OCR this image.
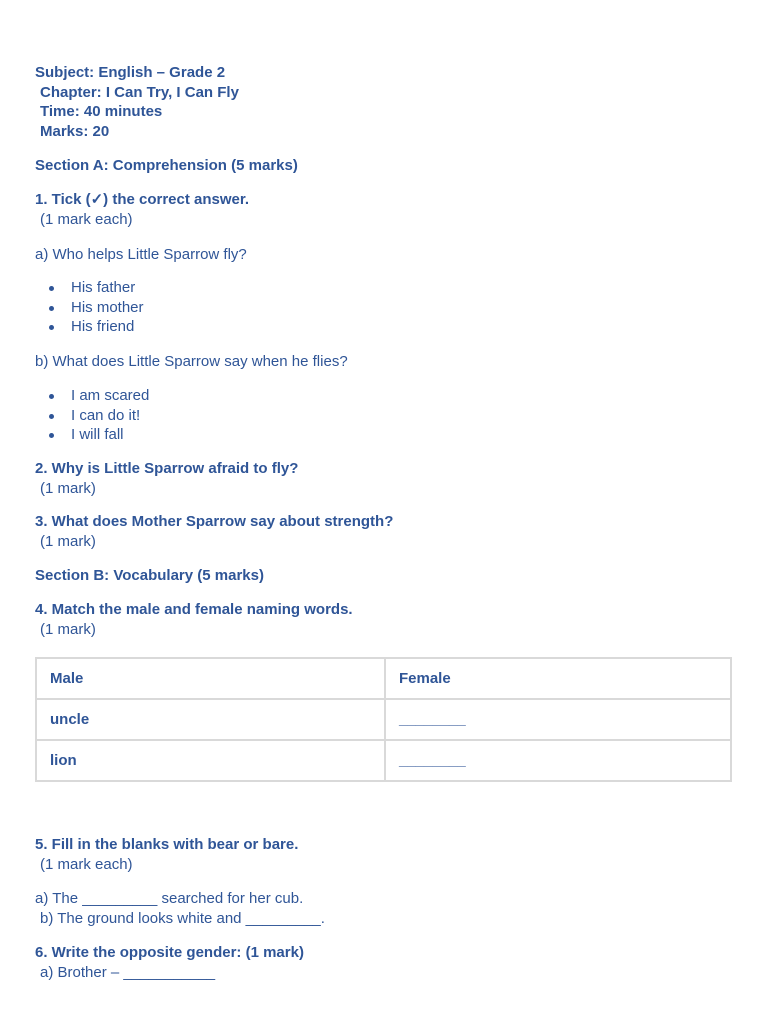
Subject: English – Grade 2
Chapter: I Can Try, I Can Fly
Time: 40 minutes
Marks: 20
Section A: Comprehension (5 marks)
1. Tick (✓) the correct answer.
(1 mark each)
a) Who helps Little Sparrow fly?
His father
His mother
His friend
b) What does Little Sparrow say when he flies?
I am scared
I can do it!
I will fall
2. Why is Little Sparrow afraid to fly?
(1 mark)
3. What does Mother Sparrow say about strength?
(1 mark)
Section B: Vocabulary (5 marks)
4. Match the male and female naming words.
(1 mark)
Male	Female
uncle	________
lion	________
5. Fill in the blanks with bear or bare.
(1 mark each)
a) The _________ searched for her cub.
b) The ground looks white and _________.
6. Write the opposite gender: (1 mark)
a) Brother – ___________
